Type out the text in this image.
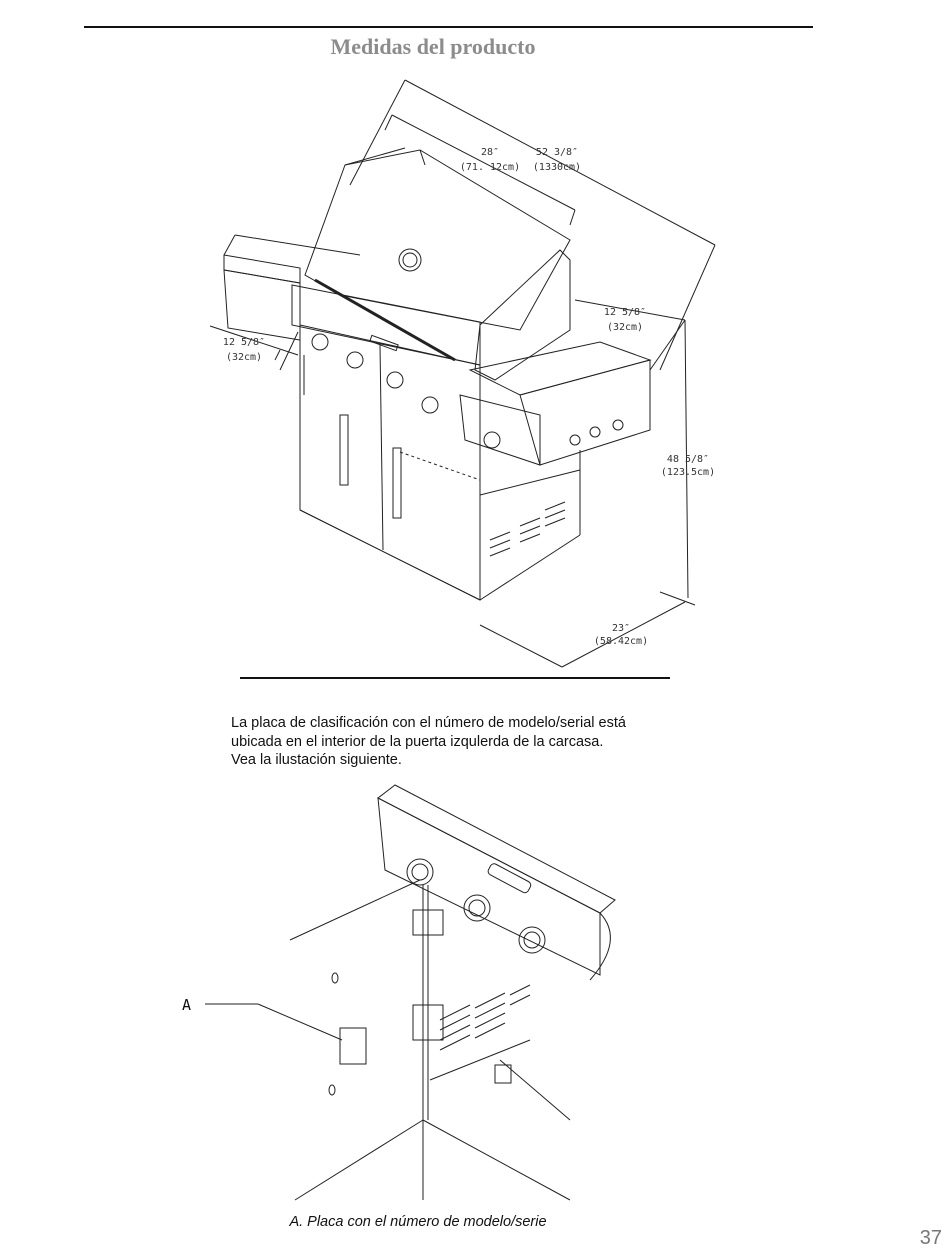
Medidas del producto
28″
(71. 12cm)
52 3/8″
(1330cm)
12 5/8″
(32cm)
12 5/8″
(32cm)
48 5/8″
(123.5cm)
23″
(58.42cm)
La placa de clasificación con el número de modelo/serial está
ubicada en el interior de la puerta izqulerda de la carcasa.
Vea la ilustación siguiente.
A
A. Placa con el número de modelo/serie
37
